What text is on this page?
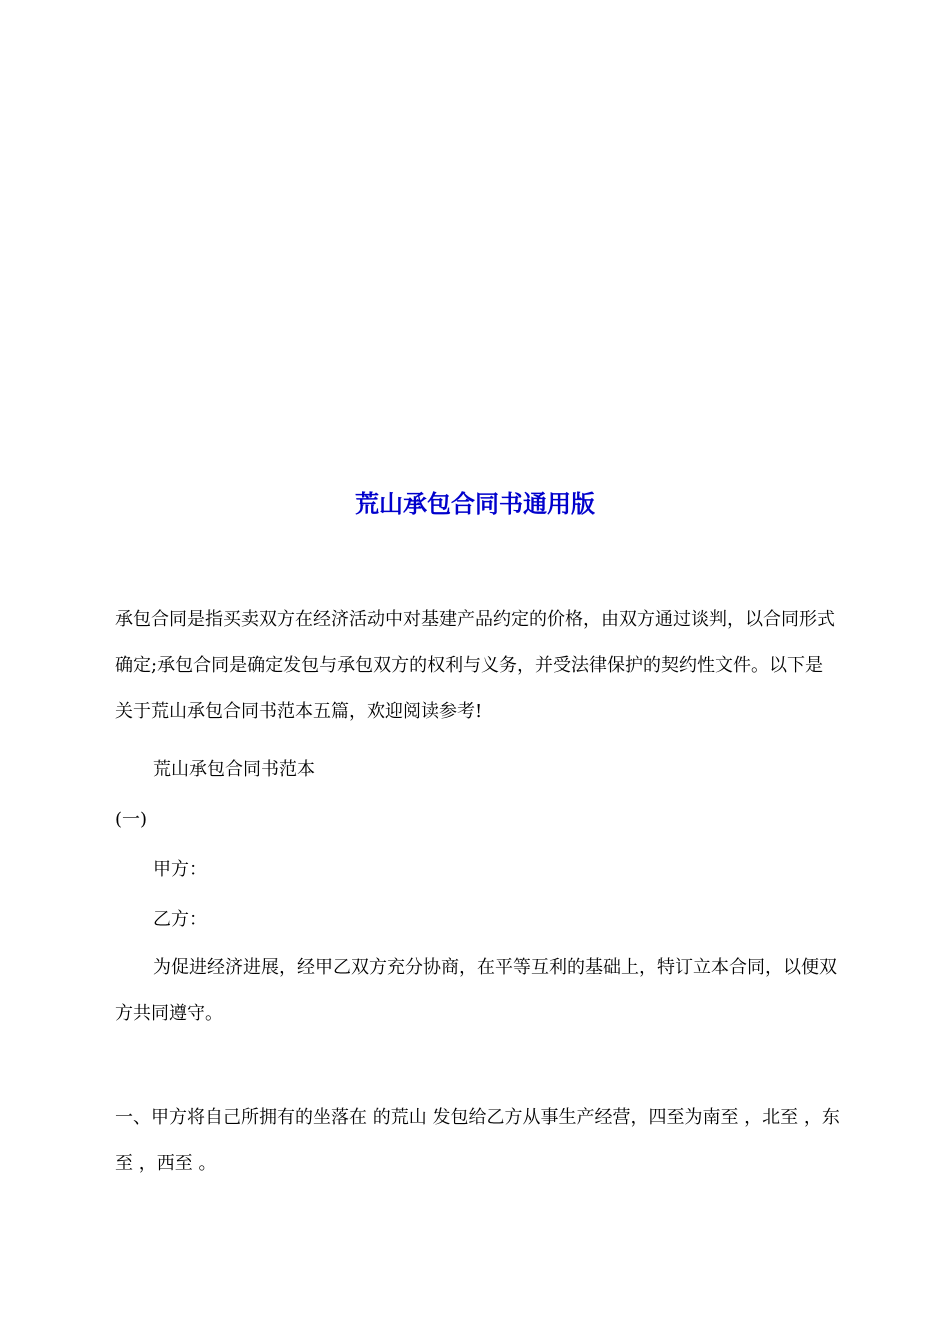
荒山承包合同书通用版

承包合同是指买卖双方在经济活动中对基建产品约定的价格，由双方通过谈判，以合同形式确定;承包合同是确定发包与承包双方的权利与义务，并受法律保护的契约性文件。以下是关于荒山承包合同书范本五篇，欢迎阅读参考!

荒山承包合同书范本

(一)

甲方：

乙方：

为促进经济进展，经甲乙双方充分协商，在平等互利的基础上，特订立本合同，以便双方共同遵守。

一、甲方将自己所拥有的坐落在 的荒山 发包给乙方从事生产经营，四至为南至 ，北至 ，东至 ，西至 。
